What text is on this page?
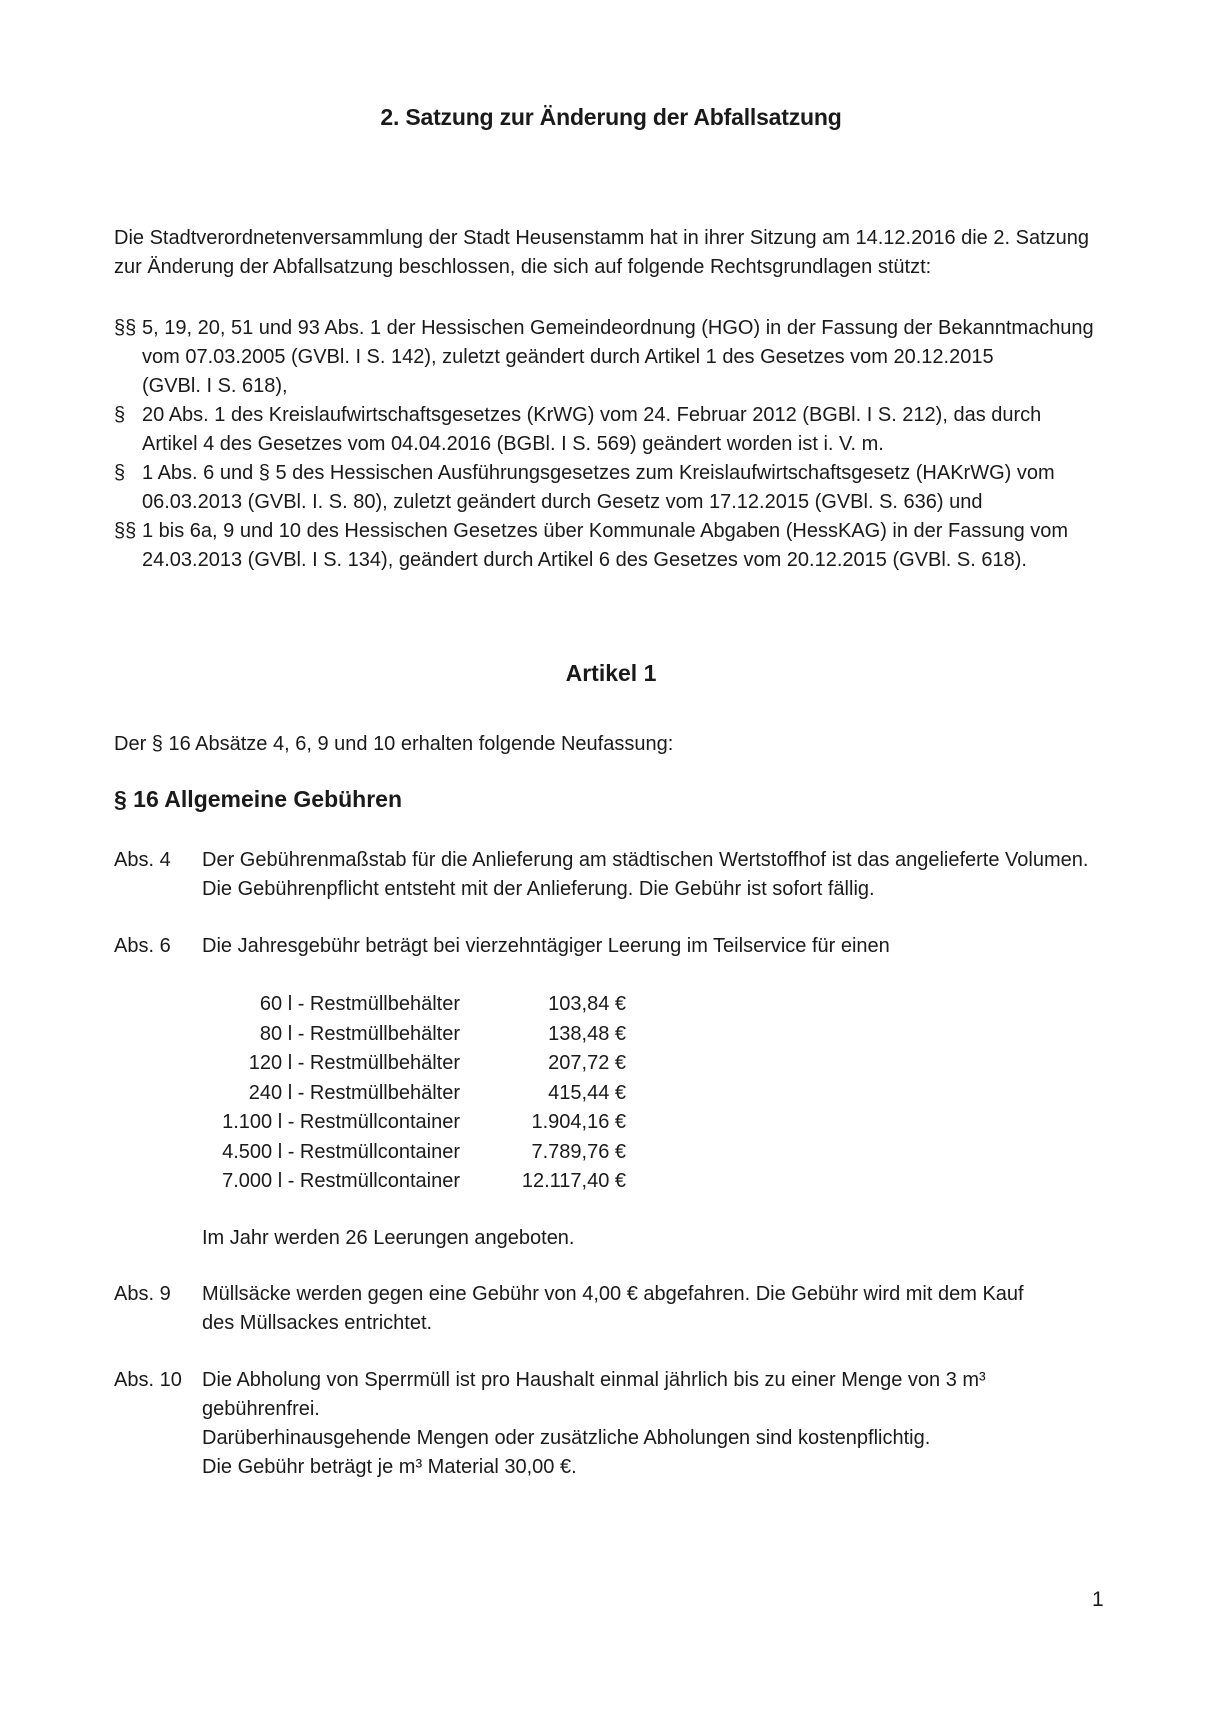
2. Satzung zur Änderung der Abfallsatzung
Die Stadtverordnetenversammlung der Stadt Heusenstamm hat in ihrer Sitzung am 14.12.2016 die 2. Satzung
zur Änderung der Abfallsatzung beschlossen, die sich auf folgende Rechtsgrundlagen stützt:
§§ 5, 19, 20, 51 und 93 Abs. 1 der Hessischen Gemeindeordnung (HGO) in der Fassung der Bekanntmachung
vom 07.03.2005 (GVBl. I S. 142), zuletzt geändert durch Artikel 1 des Gesetzes vom 20.12.2015
(GVBl. I S. 618),
§ 20 Abs. 1 des Kreislaufwirtschaftsgesetzes (KrWG) vom 24. Februar 2012 (BGBl. I S. 212), das durch
Artikel 4 des Gesetzes vom 04.04.2016 (BGBl. I S. 569) geändert worden ist i. V. m.
§ 1 Abs. 6 und § 5 des Hessischen Ausführungsgesetzes zum Kreislaufwirtschaftsgesetz (HAKrWG) vom
06.03.2013 (GVBl. I. S. 80), zuletzt geändert durch Gesetz vom 17.12.2015 (GVBl. S. 636) und
§§ 1 bis 6a, 9 und 10 des Hessischen Gesetzes über Kommunale Abgaben (HessKAG) in der Fassung vom
24.03.2013 (GVBl. I S. 134), geändert durch Artikel 6 des Gesetzes vom 20.12.2015 (GVBl. S. 618).
Artikel 1
Der § 16 Absätze 4, 6, 9 und 10 erhalten folgende Neufassung:
§ 16 Allgemeine Gebühren
Abs. 4	Der Gebührenmaßstab für die Anlieferung am städtischen Wertstoffhof ist das angelieferte Volumen.
Die Gebührenpflicht entsteht mit der Anlieferung. Die Gebühr ist sofort fällig.
Abs. 6	Die Jahresgebühr beträgt bei vierzehntägiger Leerung im Teilservice für einen
60 l - Restmüllbehälter	103,84 €
80 l - Restmüllbehälter	138,48 €
120 l - Restmüllbehälter	207,72 €
240 l - Restmüllbehälter	415,44 €
1.100 l - Restmüllcontainer	1.904,16 €
4.500 l - Restmüllcontainer	7.789,76 €
7.000 l - Restmüllcontainer	12.117,40 €
Im Jahr werden 26 Leerungen angeboten.
Abs. 9	Müllsäcke werden gegen eine Gebühr von 4,00 € abgefahren. Die Gebühr wird mit dem Kauf
des Müllsackes entrichtet.
Abs. 10	Die Abholung von Sperrmüll ist pro Haushalt einmal jährlich bis zu einer Menge von 3 m³
gebührenfrei.
Darüberhinausgehende Mengen oder zusätzliche Abholungen sind kostenpflichtig.
Die Gebühr beträgt je m³ Material 30,00 €.
1
